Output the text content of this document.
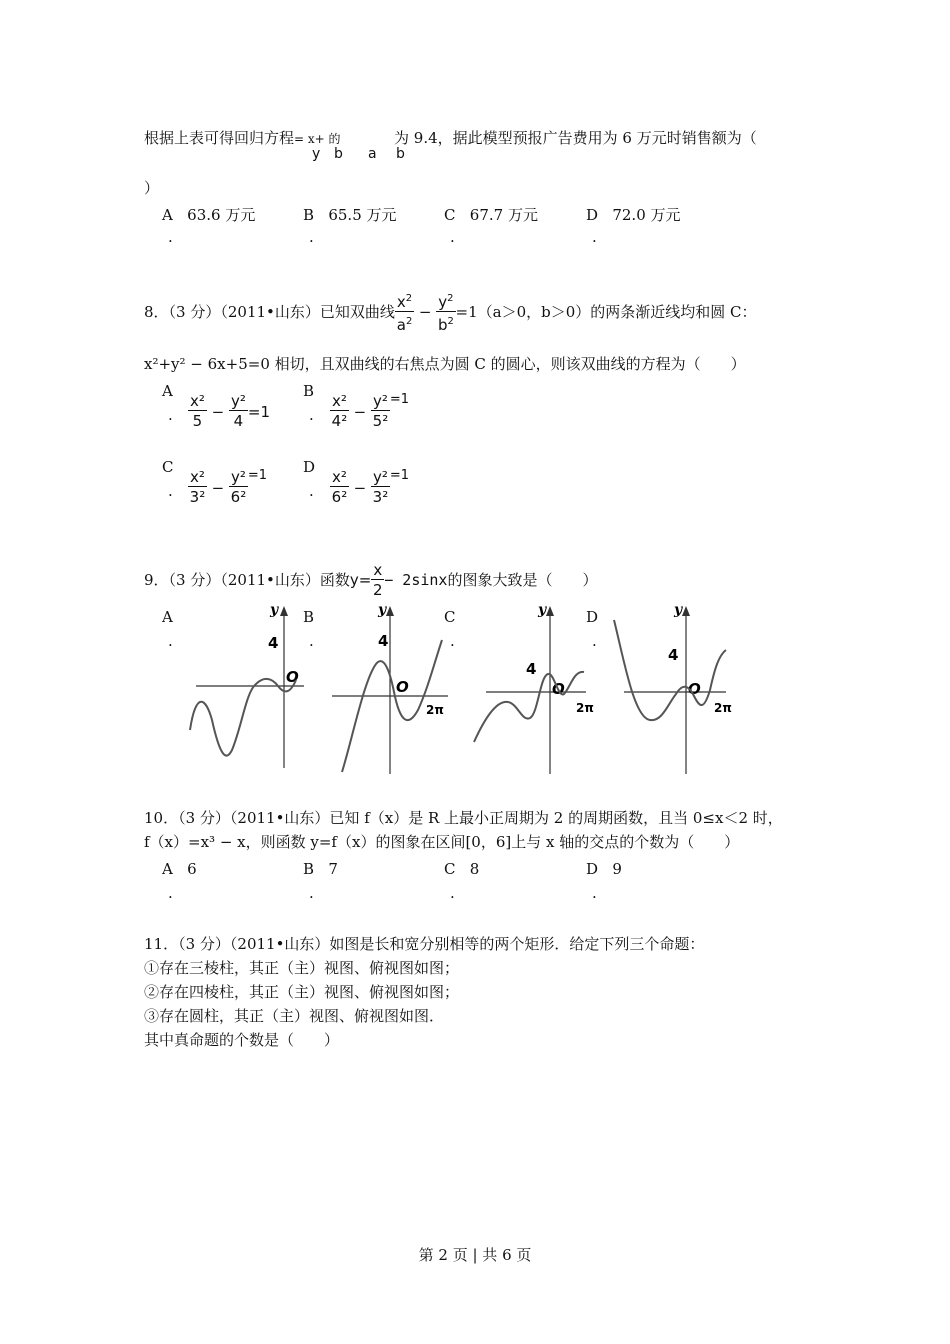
根据上表可得回归方程= x+ 的	为 9.4，据此模型预报广告费用为 6 万元时销售额为（
y b a b
）
A 63.6 万元	B 65.5 万元	C 67.7 万元	D 72.0 万元
.	.	.	.
8．（3 分）（2011•山东）已知双曲线 $\frac{x^2}{a^2} - \frac{y^2}{b^2} =1(a>0$，b＞0）的两条渐近线均和圆 C：
x²+y² − 6x+5=0 相切，且双曲线的右焦点为圆 C 的圆心，则该双曲线的方程为（　　）
A
. $\frac{\text{x²}}{5} - \frac{\text{y²}}{4} =1$
B
. $\frac{\text{x²}}{\text{4²}} - \frac{\text{y²}}{\text{5²}} =1$
C
. $\frac{\text{x²}}{\text{3²}} - \frac{\text{y²}}{\text{6²}} =1$ D
. $\frac{\text{x²}}{\text{6²}} - \frac{\text{y²}}{\text{3²}} =1$
9．（3 分）（2011•山东）函数 $y= \frac{x}{2} - 2\sin x$ 的图象大致是（　　）
A
.
B
.
C
.
D
.
y
4
O
y
4
O
2π
y
4
O
2π
y
4
O
2π
10．（3 分）（2011•山东）已知 f（x）是 R 上最小正周期为 2 的周期函数，且当 0≤x＜2 时，
f（x）=x³ − x，则函数 y=f（x）的图象在区间[0，6]上与 x 轴的交点的个数为（　　）
A 6	B 7	C 8	D 9
.	.	.	.
11．（3 分）（2011•山东）如图是长和宽分别相等的两个矩形．给定下列三个命题：
①存在三棱柱，其正（主）视图、俯视图如图；
②存在四棱柱，其正（主）视图、俯视图如图；
③存在圆柱，其正（主）视图、俯视图如图．
其中真命题的个数是（　　）
第 2 页 | 共 6 页
